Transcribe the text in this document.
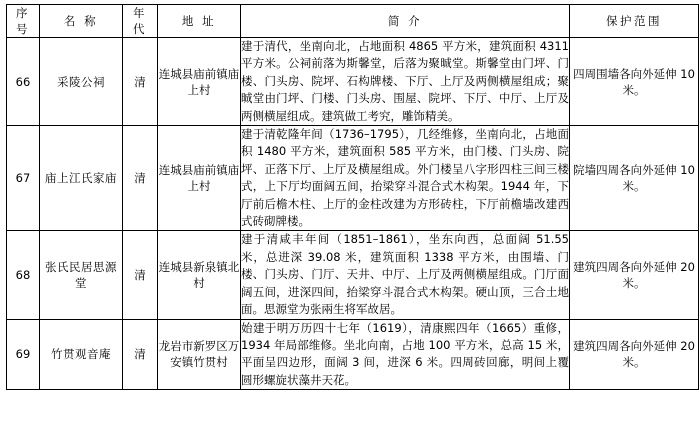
序 号	名 称	年 代	地 址	简 介	保护范围
66	采陵公祠	清	连城县庙前镇庙上村	建于清代，坐南向北，占地面积 4865 平方米，建筑面积 4311 平方米。公祠前落为斯馨堂，后落为聚晠堂。斯馨堂由门坪、门楼、门头房、院坪、石构牌楼、下厅、上厅及两侧横屋组成；聚晠堂由门坪、门楼、门头房、围屋、院坪、下厅、中厅、上厅及两侧横屋组成。建筑做工考究，雕饰精美。	四周围墙各向外延伸 10 米。
67	庙上江氏家庙	清	连城县庙前镇庙上村	建于清乾隆年间（1736–1795），几经维修，坐南向北，占地面积 1480 平方米，建筑面积 585 平方米，由门楼、门头房、院坪、正落下厅、上厅及横屋组成。外门楼呈八字形四柱三间三楼式，上下厅均面阔五间，抬梁穿斗混合式木构架。1944 年，下厅前后檐木柱、上厅的金柱改建为方形砖柱，下厅前檐墙改建西式砖砌牌楼。	院墙四周各向外延伸 10 米。
68	张氏民居思源堂	清	连城县新泉镇北村	建于清咸丰年间（1851–1861），坐东向西，总面阔 51.55 米，总进深 39.08 米，建筑面积 1338 平方米，由围墙、门楼、门头房、门厅、天井、中厅、上厅及两侧横屋组成。门厅面阔五间，进深四间，抬梁穿斗混合式木构架。硬山顶，三合土地面。思源堂为张兩生将军故居。	建筑四周各向外延伸 20 米。
69	竹贯观音庵	清	龙岩市新罗区万安镇竹贯村	始建于明万历四十七年（1619），清康熙四年（1665）重修，1934 年局部维修。坐北向南，占地 100 平方米，总高 15 米，平面呈四边形，面阔 3 间，进深 6 米。四周砖回廊，明间上覆圆形螺旋状藻井天花。	建筑四周各向外延伸 20 米。
